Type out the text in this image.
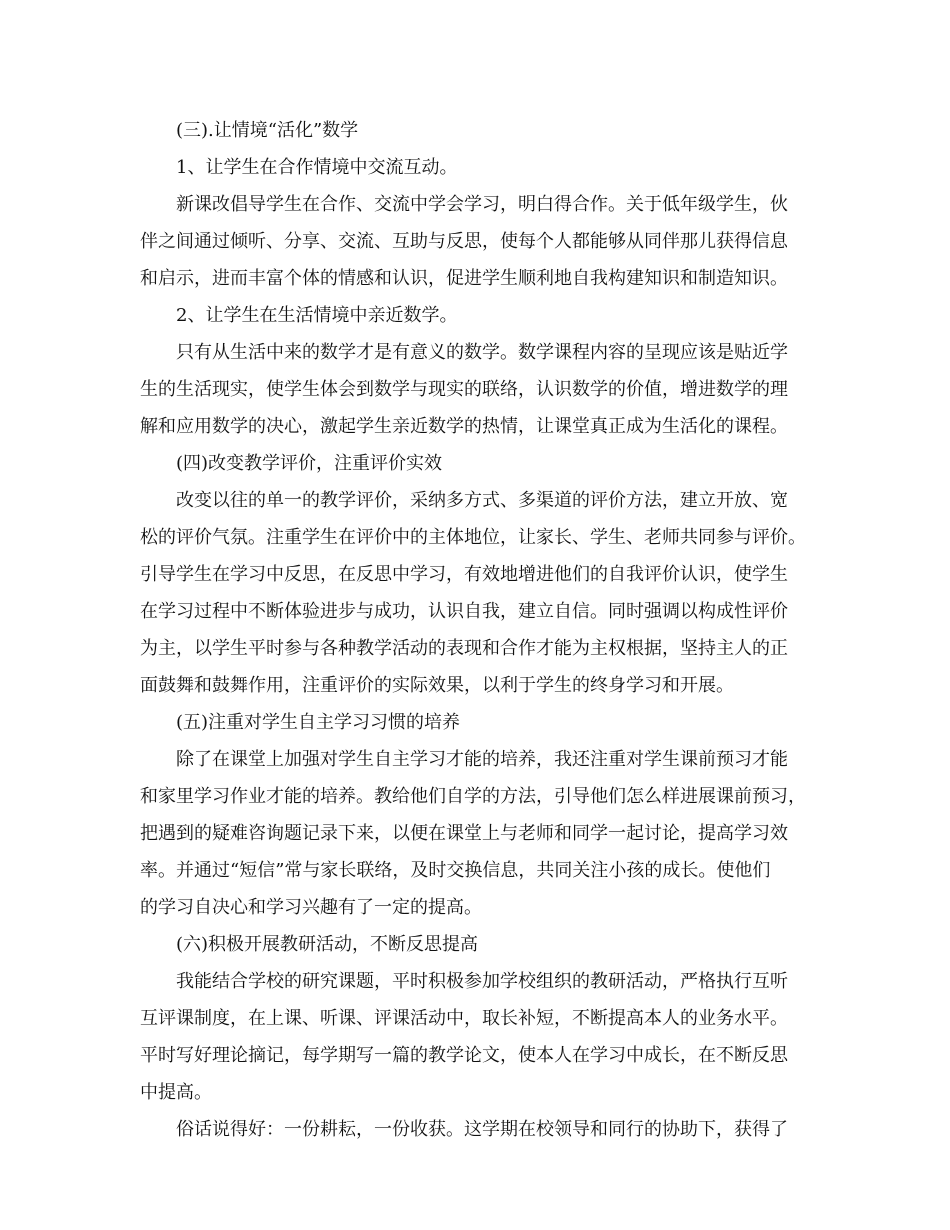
　　(三).让情境“活化”数学

　　1、让学生在合作情境中交流互动。

　　新课改倡导学生在合作、交流中学会学习，明白得合作。关于低年级学生，伙

伴之间通过倾听、分享、交流、互助与反思，使每个人都能够从同伴那儿获得信息

和启示，进而丰富个体的情感和认识，促进学生顺利地自我构建知识和制造知识。

　　2、让学生在生活情境中亲近数学。

　　只有从生活中来的数学才是有意义的数学。数学课程内容的呈现应该是贴近学

生的生活现实，使学生体会到数学与现实的联络，认识数学的价值，增进数学的理

解和应用数学的决心，激起学生亲近数学的热情，让课堂真正成为生活化的课程。

　　(四)改变教学评价，注重评价实效

　　改变以往的单一的教学评价，采纳多方式、多渠道的评价方法，建立开放、宽

松的评价气氛。注重学生在评价中的主体地位，让家长、学生、老师共同参与评价。

引导学生在学习中反思，在反思中学习，有效地增进他们的自我评价认识，使学生

在学习过程中不断体验进步与成功，认识自我，建立自信。同时强调以构成性评价

为主，以学生平时参与各种教学活动的表现和合作才能为主权根据，坚持主人的正

面鼓舞和鼓舞作用，注重评价的实际效果，以利于学生的终身学习和开展。

　　(五)注重对学生自主学习习惯的培养

　　除了在课堂上加强对学生自主学习才能的培养，我还注重对学生课前预习才能

和家里学习作业才能的培养。教给他们自学的方法，引导他们怎么样进展课前预习，

把遇到的疑难咨询题记录下来，以便在课堂上与老师和同学一起讨论，提高学习效

率。并通过“短信”常与家长联络，及时交换信息，共同关注小孩的成长。使他们

的学习自决心和学习兴趣有了一定的提高。

　　(六)积极开展教研活动，不断反思提高

　　我能结合学校的研究课题，平时积极参加学校组织的教研活动，严格执行互听

互评课制度，在上课、听课、评课活动中，取长补短，不断提高本人的业务水平。

平时写好理论摘记，每学期写一篇的教学论文，使本人在学习中成长，在不断反思

中提高。

　　俗话说得好：一份耕耘，一份收获。这学期在校领导和同行的协助下，获得了
